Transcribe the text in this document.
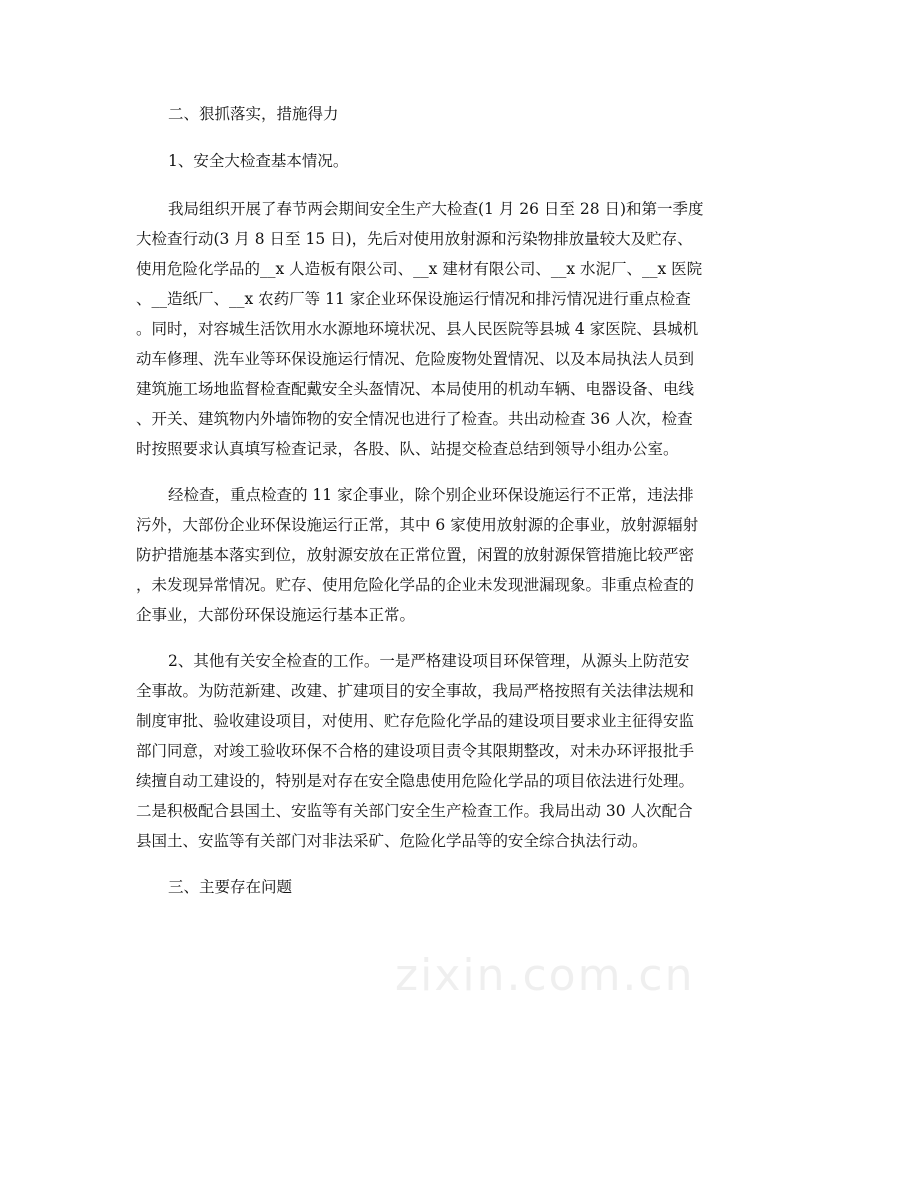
二、狠抓落实，措施得力

1、安全大检查基本情况。

我局组织开展了春节两会期间安全生产大检查(1 月 26 日至 28 日)和第一季度
大检查行动(3 月 8 日至 15 日)，先后对使用放射源和污染物排放量较大及贮存、
使用危险化学品的__x 人造板有限公司、__x 建材有限公司、__x 水泥厂、__x 医院
、__造纸厂、__x 农药厂等 11 家企业环保设施运行情况和排污情况进行重点检查
。同时，对容城生活饮用水水源地环境状况、县人民医院等县城 4 家医院、县城机
动车修理、洗车业等环保设施运行情况、危险废物处置情况、以及本局执法人员到
建筑施工场地监督检查配戴安全头盔情况、本局使用的机动车辆、电器设备、电线
、开关、建筑物内外墙饰物的安全情况也进行了检查。共出动检查 36 人次，检查
时按照要求认真填写检查记录，各股、队、站提交检查总结到领导小组办公室。
经检查，重点检查的 11 家企事业，除个别企业环保设施运行不正常，违法排
污外，大部份企业环保设施运行正常，其中 6 家使用放射源的企事业，放射源辐射
防护措施基本落实到位，放射源安放在正常位置，闲置的放射源保管措施比较严密
，未发现异常情况。贮存、使用危险化学品的企业未发现泄漏现象。非重点检查的
企事业，大部份环保设施运行基本正常。
2、其他有关安全检查的工作。一是严格建设项目环保管理，从源头上防范安
全事故。为防范新建、改建、扩建项目的安全事故，我局严格按照有关法律法规和
制度审批、验收建设项目，对使用、贮存危险化学品的建设项目要求业主征得安监
部门同意，对竣工验收环保不合格的建设项目责令其限期整改，对未办环评报批手
续擅自动工建设的，特别是对存在安全隐患使用危险化学品的项目依法进行处理。
二是积极配合县国土、安监等有关部门安全生产检查工作。我局出动 30 人次配合
县国土、安监等有关部门对非法采矿、危险化学品等的安全综合执法行动。

三、主要存在问题

zixin.com.cn
